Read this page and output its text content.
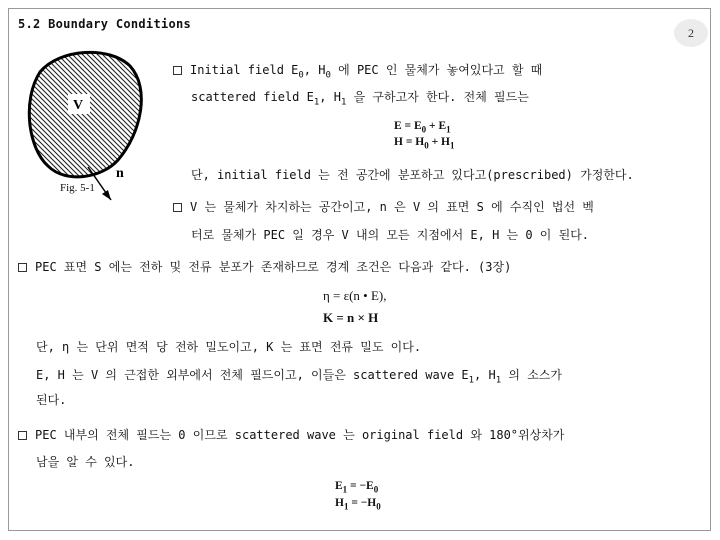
5.2 Boundary Conditions
2
V
n
Fig. 5-1
Initial field $E_0$, $H_0$ 에 PEC 인 물체가 놓여있다고 할 때
scattered field $E_1$, $H_1$ 을 구하고자 한다. 전체 필드는
$E = E_0 + E_1$
$H = H_0 + H_1$
단, initial field 는 전 공간에 분포하고 있다고(prescribed) 가정한다.
V 는 물체가 차지하는 공간이고, n 은 V 의 표면 S 에 수직인 법선 벡
터로 물체가 PEC 일 경우 V 내의 모든 지점에서 E, H 는 0 이 된다.
PEC 표면 S 에는 전하 및 전류 분포가 존재하므로 경계 조건은 다음과 같다. (3장)
η = ε(n • E),
K = n × H
단, η 는 단위 면적 당 전하 밀도이고, K 는 표면 전류 밀도 이다.
E, H 는 V 의 근접한 외부에서 전체 필드이고, 이들은 scattered wave $E_1$, $H_1$ 의 소스가
된다.
PEC 내부의 전체 필드는 0 이므로 scattered wave 는 original field 와 180°위상차가
남을 알 수 있다.
$E_1 = -E_0$
$H_1 = -H_0$
